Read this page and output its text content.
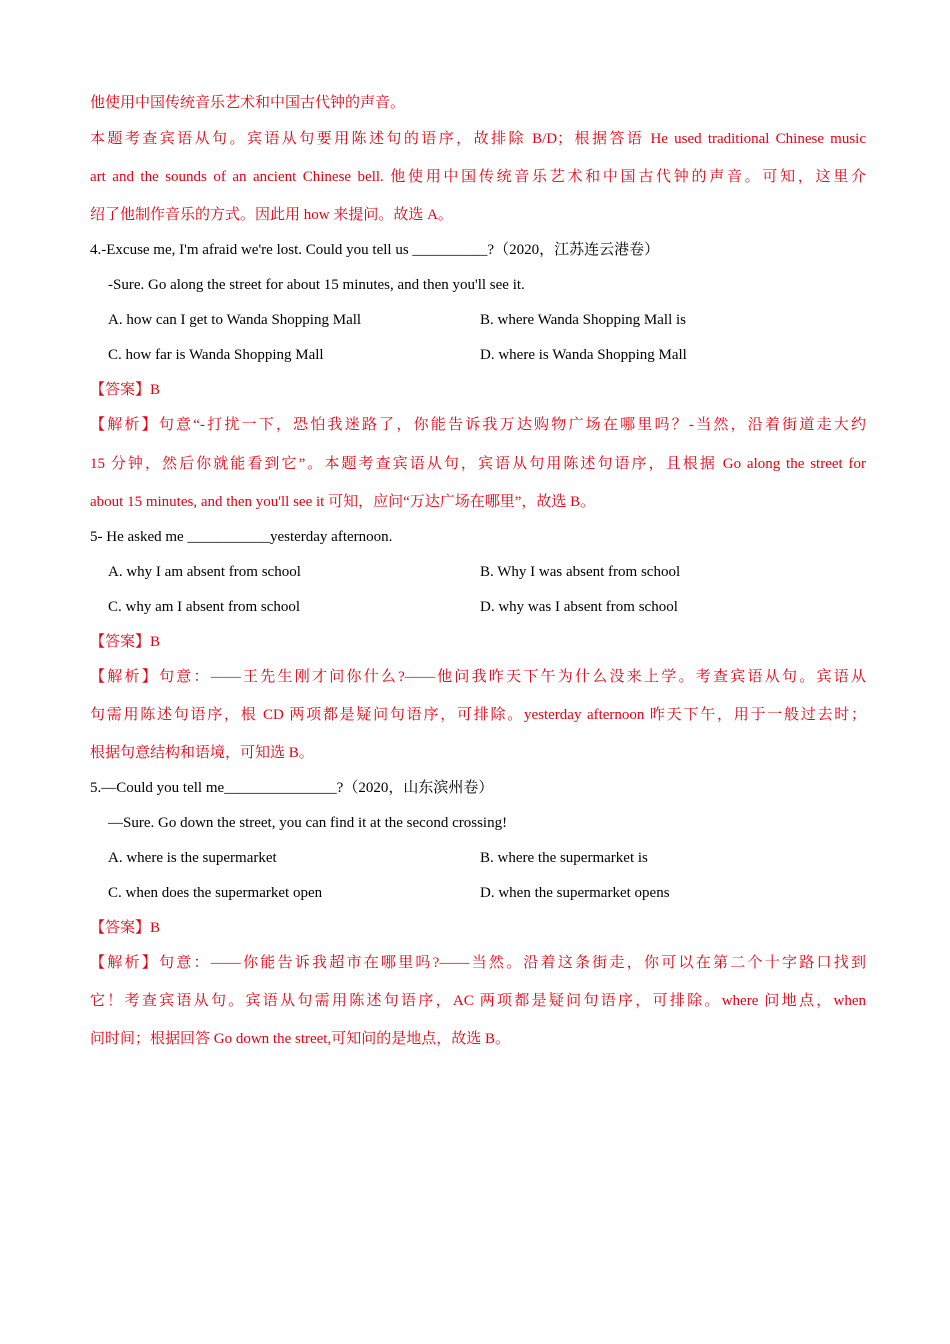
他使用中国传统音乐艺术和中国古代钟的声音。
本题考查宾语从句。宾语从句要用陈述句的语序，故排除 B/D；根据答语 He used traditional Chinese music
art and the sounds of an ancient Chinese bell. 他使用中国传统音乐艺术和中国古代钟的声音。可知，这里介
绍了他制作音乐的方式。因此用 how 来提问。故选 A。
4.-Excuse me, I'm afraid we're lost. Could you tell us __________?（2020，江苏连云港卷）
-Sure. Go along the street for about 15 minutes, and then you'll see it.
A. how can I get to Wanda Shopping Mall	B. where Wanda Shopping Mall is
C. how far is Wanda Shopping Mall	D. where is Wanda Shopping Mall
【答案】B
【解析】句意“-打扰一下，恐怕我迷路了，你能告诉我万达购物广场在哪里吗？-当然，沿着街道走大约
15 分钟，然后你就能看到它”。本题考查宾语从句，宾语从句用陈述句语序，且根据 Go along the street for
about 15 minutes, and then you'll see it 可知，应问“万达广场在哪里”，故选 B。
5- He asked me ___________yesterday afternoon.
A. why I am absent from school	B. Why I was absent from school
C. why am I absent from school	D. why was I absent from school
【答案】B
【解析】句意：——王先生刚才问你什么?——他问我昨天下午为什么没来上学。考查宾语从句。宾语从
句需用陈述句语序，根 CD 两项都是疑问句语序，可排除。yesterday afternoon 昨天下午，用于一般过去时；
根据句意结构和语境，可知选 B。
5.—Could you tell me_______________?（2020，山东滨州卷）
—Sure. Go down the street, you can find it at the second crossing!
A. where is the supermarket	B. where the supermarket is
C. when does the supermarket open	D. when the supermarket opens
【答案】B
【解析】句意：——你能告诉我超市在哪里吗?——当然。沿着这条街走，你可以在第二个十字路口找到
它！考查宾语从句。宾语从句需用陈述句语序，AC 两项都是疑问句语序，可排除。where 问地点，when
问时间；根据回答 Go down the street,可知问的是地点，故选 B。
